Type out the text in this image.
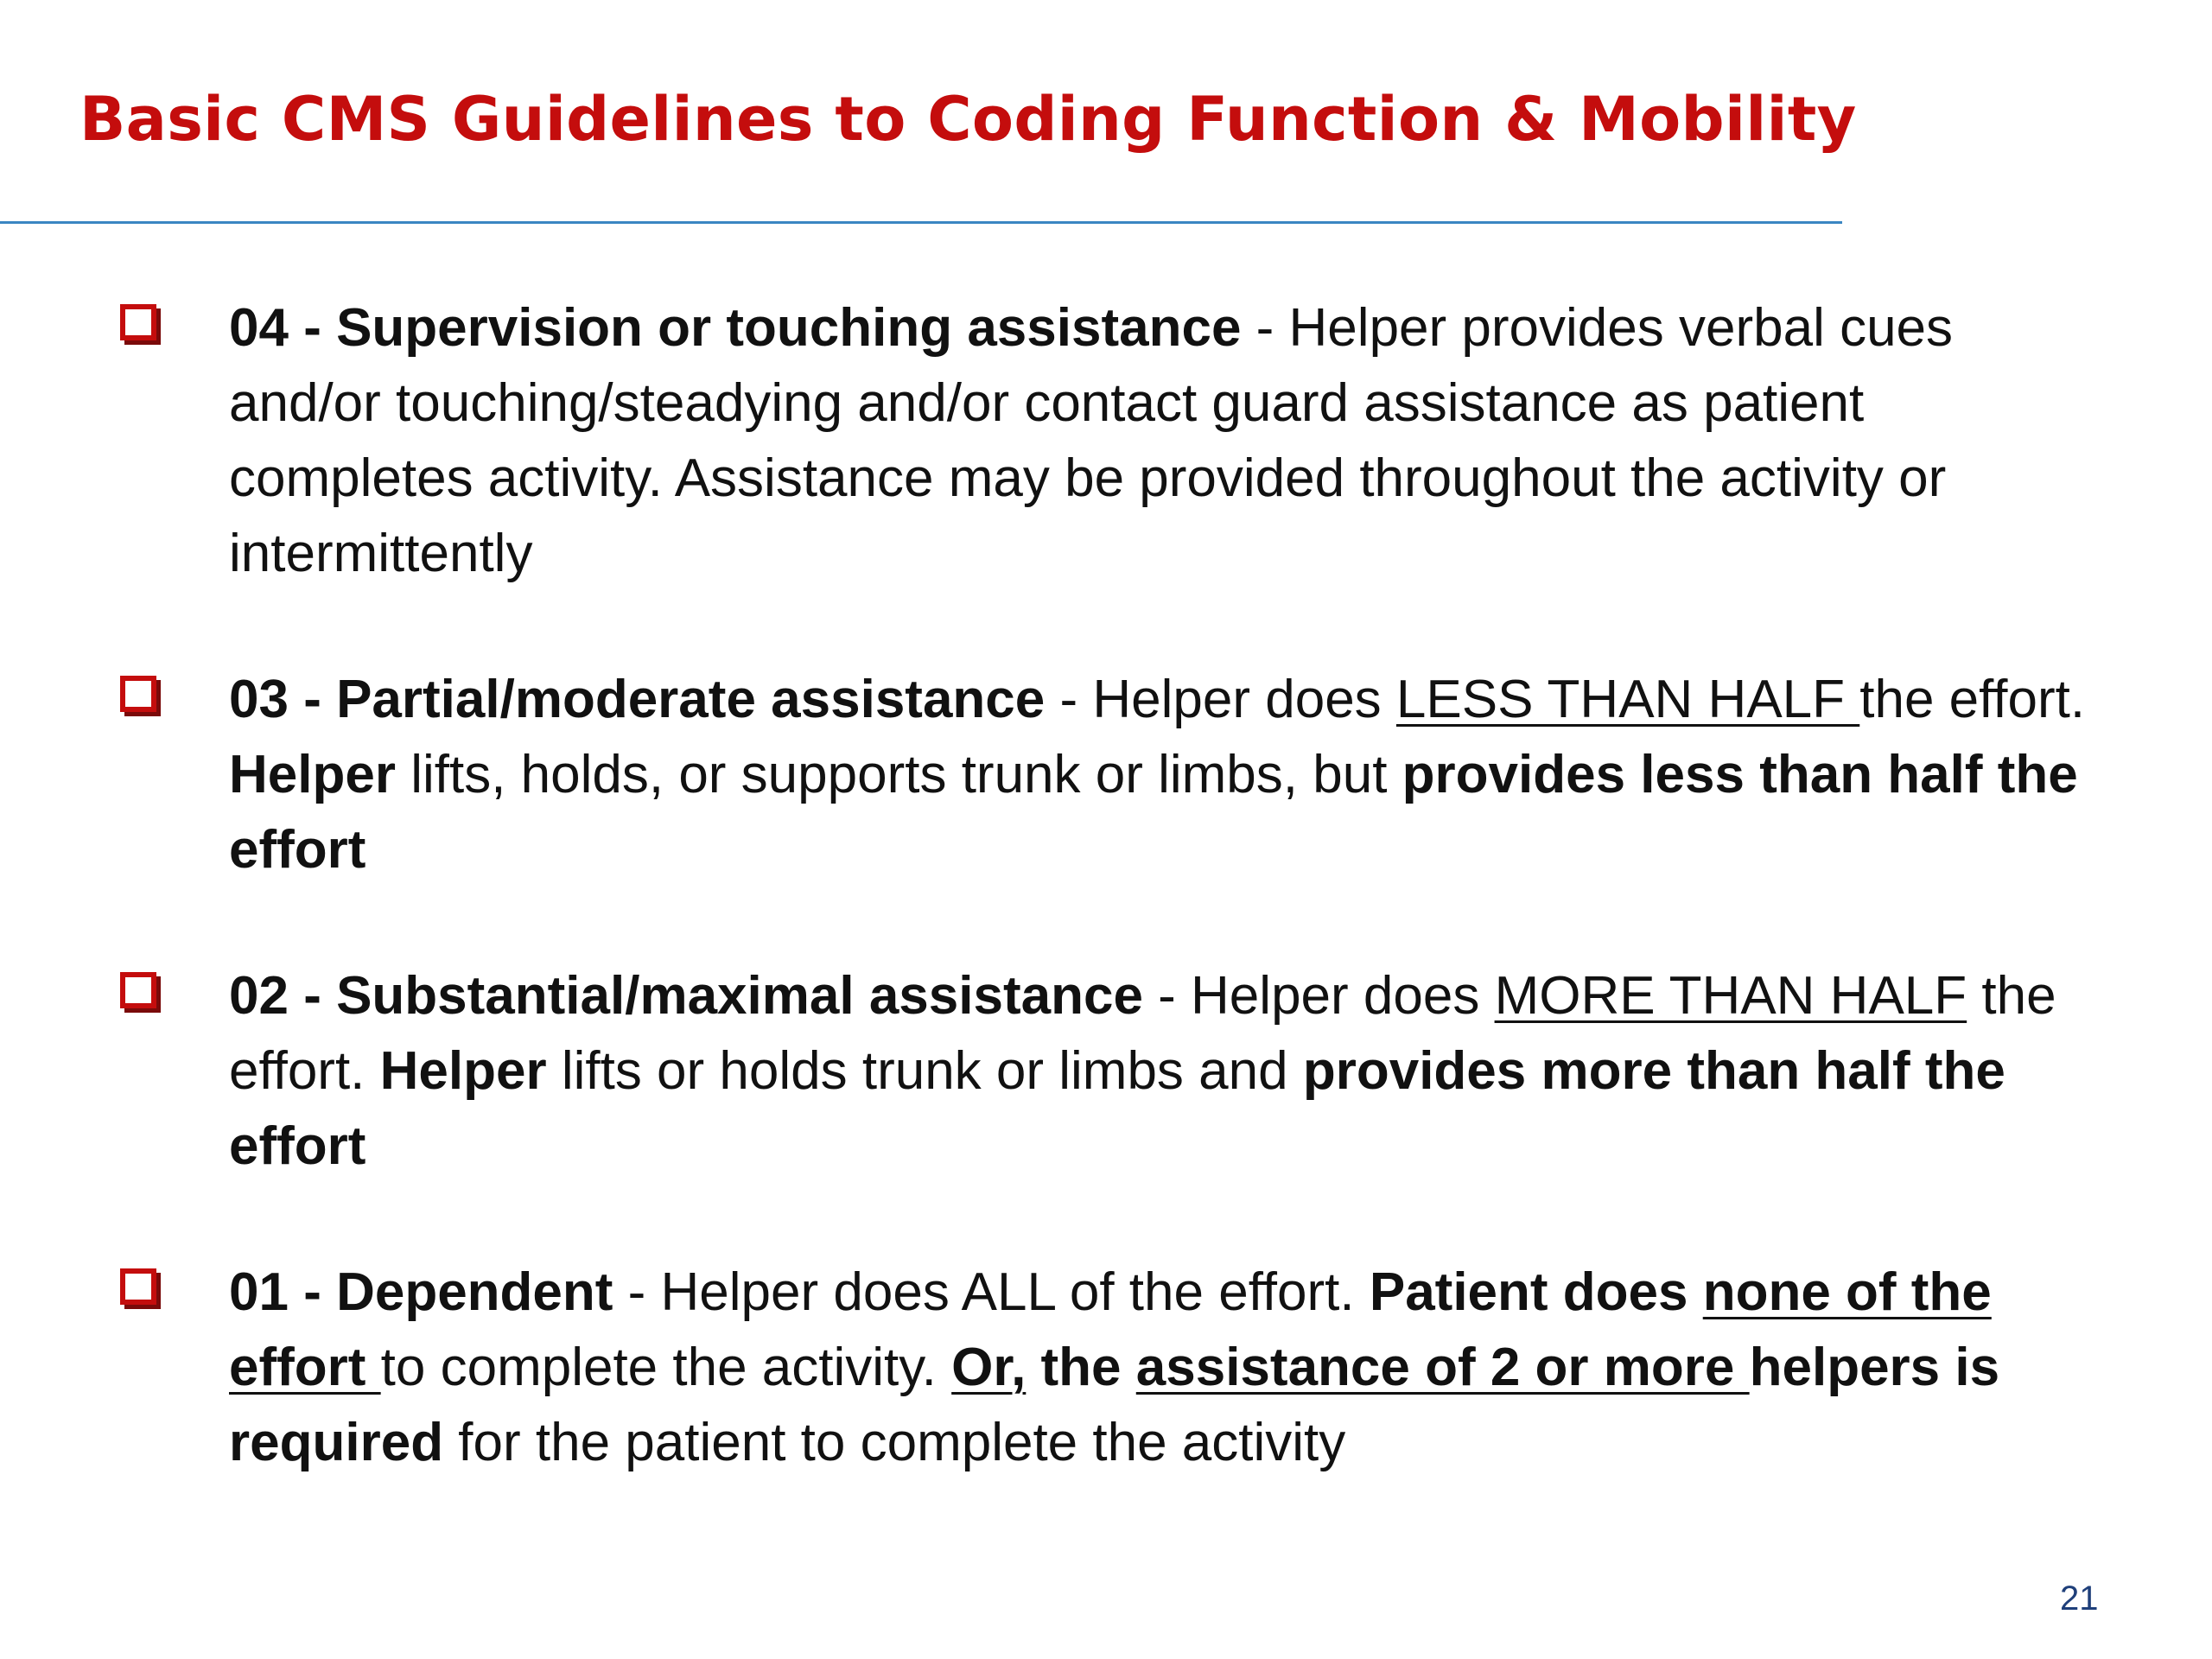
Basic CMS Guidelines to Coding Function & Mobility
04 - Supervision or touching assistance - Helper provides verbal cues and/or touching/steadying and/or contact guard assistance as patient completes activity. Assistance may be provided throughout the activity or intermittently
03 - Partial/moderate assistance - Helper does LESS THAN HALF the effort. Helper lifts, holds, or supports trunk or limbs, but provides less than half the effort
02 - Substantial/maximal assistance - Helper does MORE THAN HALF the effort. Helper lifts or holds trunk or limbs and provides more than half the effort
01 - Dependent - Helper does ALL of the effort. Patient does none of the effort to complete the activity. Or, the assistance of 2 or more helpers is required for the patient to complete the activity
21
